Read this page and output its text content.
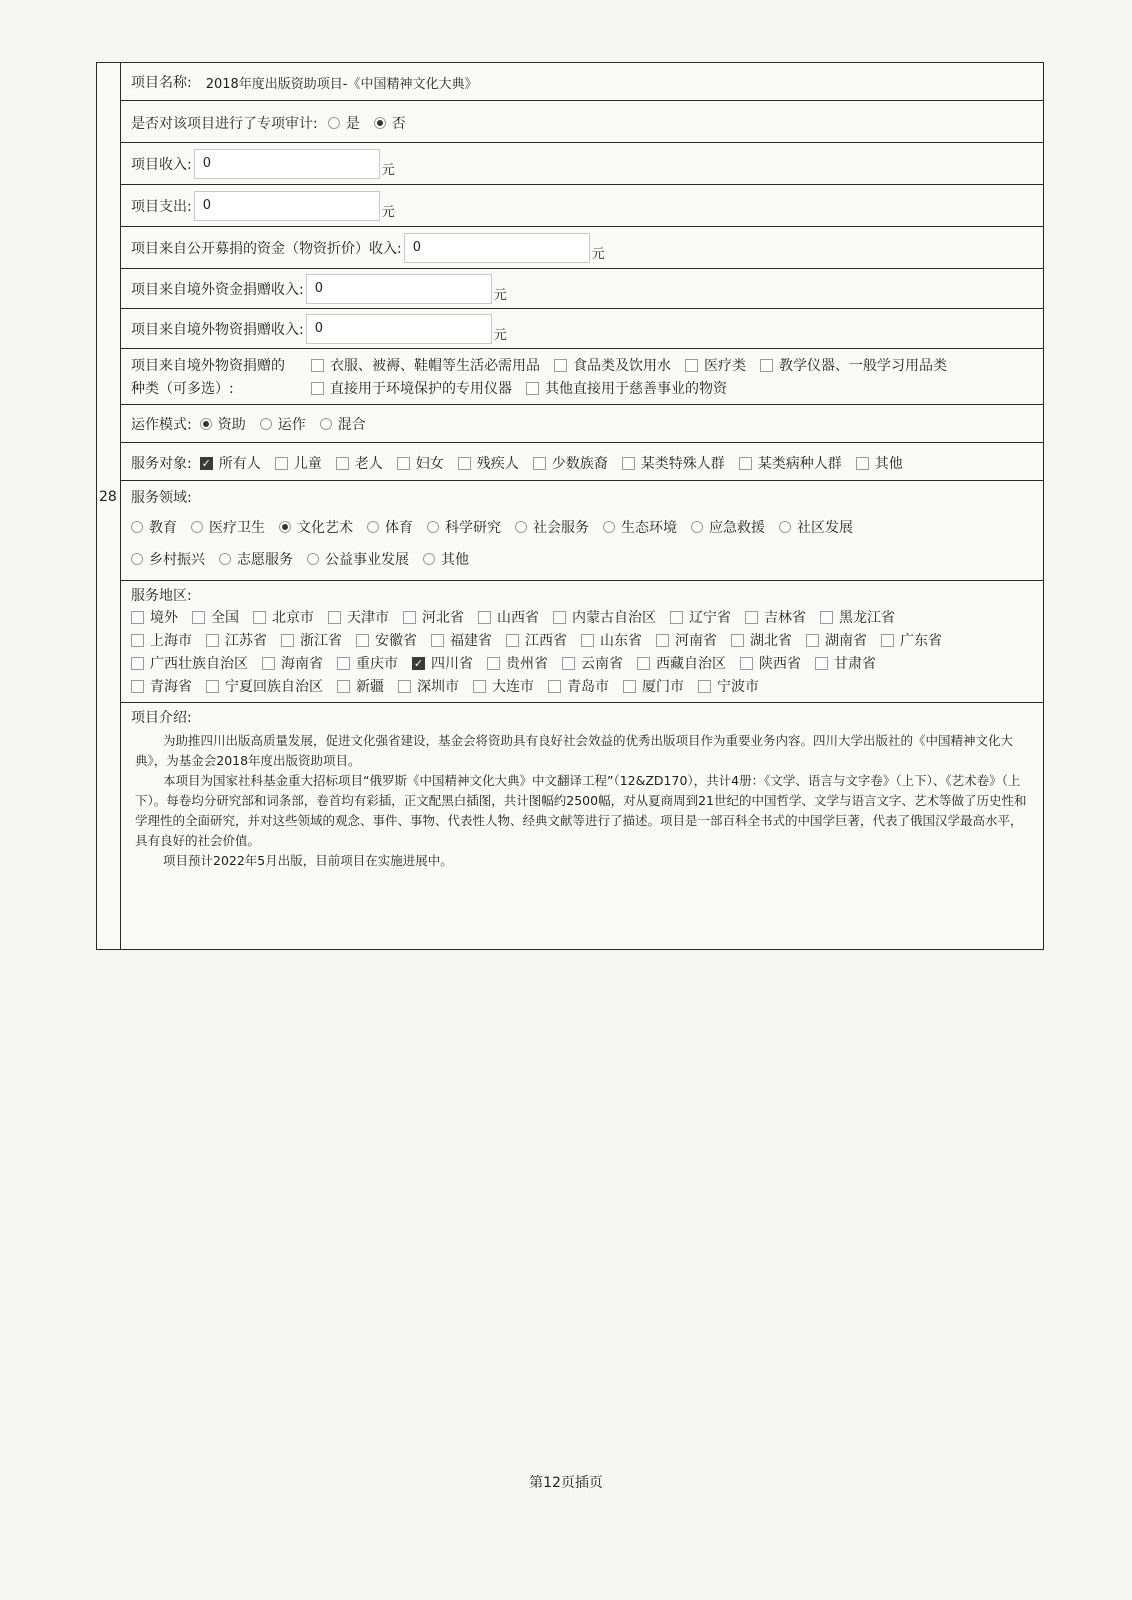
28
项目名称: 2018年度出版资助项目-《中国精神文化大典》
是否对该项目进行了专项审计: 是 否
项目收入: 0	元
项目支出: 0	元
项目来自公开募捐的资金（物资折价）收入: 0	元
项目来自境外资金捐赠收入: 0	元
项目来自境外物资捐赠收入: 0	元
项目来自境外物资捐赠的	衣服、被褥、鞋帽等生活必需用品 食品类及饮用水 医疗类 教学仪器、一般学习用品类
种类（可多选）:	直接用于环境保护的专用仪器 其他直接用于慈善事业的物资
运作模式: 资助 运作 混合
服务对象: ✓ 所有人 儿童 老人 妇女 残疾人 少数族裔 某类特殊人群 某类病种人群 其他
服务领域:
教育 医疗卫生 文化艺术 体育 科学研究 社会服务 生态环境 应急救援 社区发展
乡村振兴 志愿服务 公益事业发展 其他
服务地区:
境外 全国 北京市 天津市 河北省 山西省 内蒙古自治区 辽宁省 吉林省 黑龙江省
上海市 江苏省 浙江省 安徽省 福建省 江西省 山东省 河南省 湖北省 湖南省 广东省
广西壮族自治区 海南省 重庆市 ✓ 四川省 贵州省 云南省 西藏自治区 陕西省 甘肃省
青海省 宁夏回族自治区 新疆 深圳市 大连市 青岛市 厦门市 宁波市
项目介绍:

为助推四川出版高质量发展，促进文化强省建设，基金会将资助具有良好社会效益的优秀出版项目作为重要业务内容。四川大学出版社的《中国精神文化大典》，为基金会2018年度出版资助项目。

本项目为国家社科基金重大招标项目“俄罗斯《中国精神文化大典》中文翻译工程”（12&ZD170），共计4册：《文学、语言与文字卷》（上下）、《艺术卷》（上下）。每卷均分研究部和词条部，卷首均有彩插，正文配黑白插图，共计图幅约2500幅，对从夏商周到21世纪的中国哲学、文学与语言文字、艺术等做了历史性和学理性的全面研究，并对这些领域的观念、事件、事物、代表性人物、经典文献等进行了描述。项目是一部百科全书式的中国学巨著，代表了俄国汉学最高水平，具有良好的社会价值。

项目预计2022年5月出版，目前项目在实施进展中。

第12页插页
